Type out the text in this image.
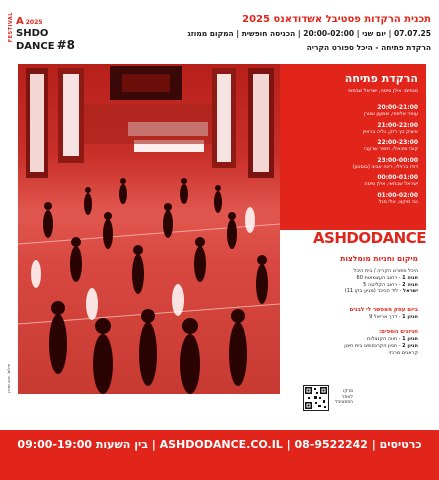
FESTIVAL A 2025
SHDO
DANCE #8
תכנית הרקדות פסטיבל אשדודאנס 2025
07.07.25 | יום שני | 20:00-02:00 | הכניסה חופשית | המקום ממוזג
הרקדת פתיחה - היכל ספורט הקריה
צילום: יואב שטרן
הרקדת פתיחה
מנחים: אילן סיסה, ישראל שבתאי
20:00-21:00
עופר אלפסי, שמעון שטרן
21:00-22:00
איציק כץ רזק, גליה בראיין
22:00-23:00
קובי מיכאלי, תמיר שרעבי
23:00-00:00
דודו ברזילי, רינה אביב (בוסטון)
00:00-01:00
ישראל שבתאי, אילן סיסה
01:00-02:00
גבי מיקונ, אלי סגל
ASHDODANCE
מיקום וחניות מומלצות
היכל ספורט הקריה / בית היכל
חניה 1 - רחוב העצמאות 60
חניה 2 - רחוב הקליטה 5
ישראל - ליד הכיכר (מגיע בקו 11)
ביום עסק מאפשר לי לבנים
חניון 1 - דרך אריאל 9
חניונים נוספים:
חניון 1 - חווה הקנצלות
חניון 2 - חניון הקרנסופט בית חינון
קראנים מרכזי
סרקו לאתר הפסטיבל
כרטיסים | 08-9522242 | ASHDODANCE.CO.IL | בין השעות 09:00-19:00
